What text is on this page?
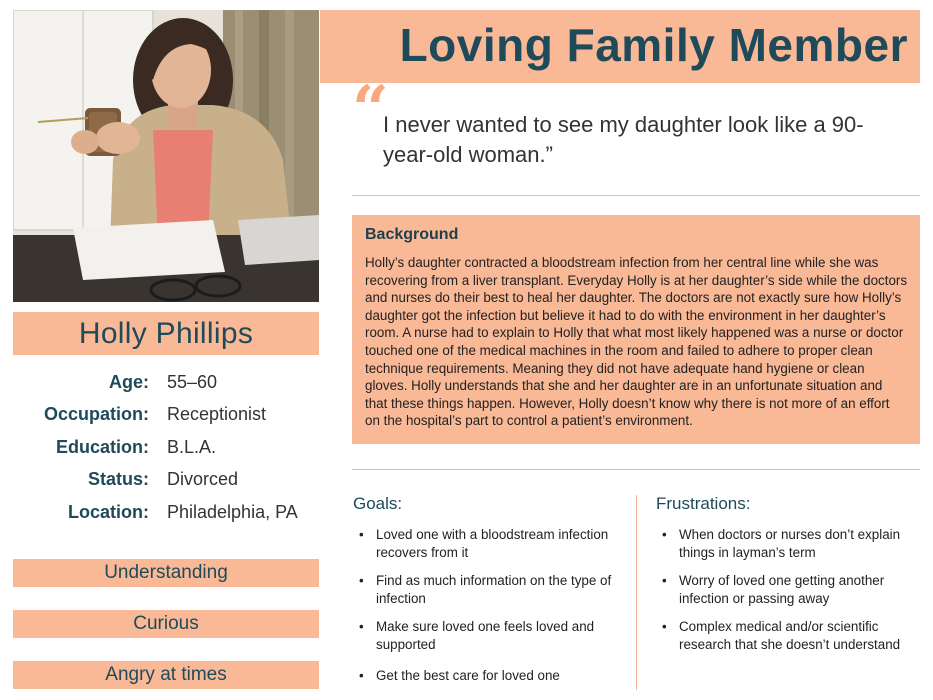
Holly Phillips
Age: 55–60
Occupation: Receptionist
Education: B.L.A.
Status: Divorced
Location: Philadelphia, PA
Understanding
Curious
Angry at times
Loving Family Member
“
I never wanted to see my daughter look like a 90-year-old woman.”
Background
Holly’s daughter contracted a bloodstream infection from her central line while she was recovering from a liver transplant. Everyday Holly is at her daughter’s side while the doctors and nurses do their best to heal her daughter. The doctors are not exactly sure how Holly’s daughter got the infection but believe it had to do with the environment in her daughter’s room. A nurse had to explain to Holly that what most likely happened was a nurse or doctor touched one of the medical machines in the room and failed to adhere to proper clean technique requirements. Meaning they did not have adequate hand hygiene or clean gloves. Holly understands that she and her daughter are in an unfortunate situation and that these things happen. However, Holly doesn’t know why there is not more of an effort on the hospital’s part to control a patient’s environment.
Goals:
• Loved one with a bloodstream infection recovers from it
• Find as much information on the type of infection
• Make sure loved one feels loved and supported
• Get the best care for loved one
Frustrations:
• When doctors or nurses don’t explain things in layman’s term
• Worry of loved one getting another infection or passing away
• Complex medical and/or scientific research that she doesn’t understand
